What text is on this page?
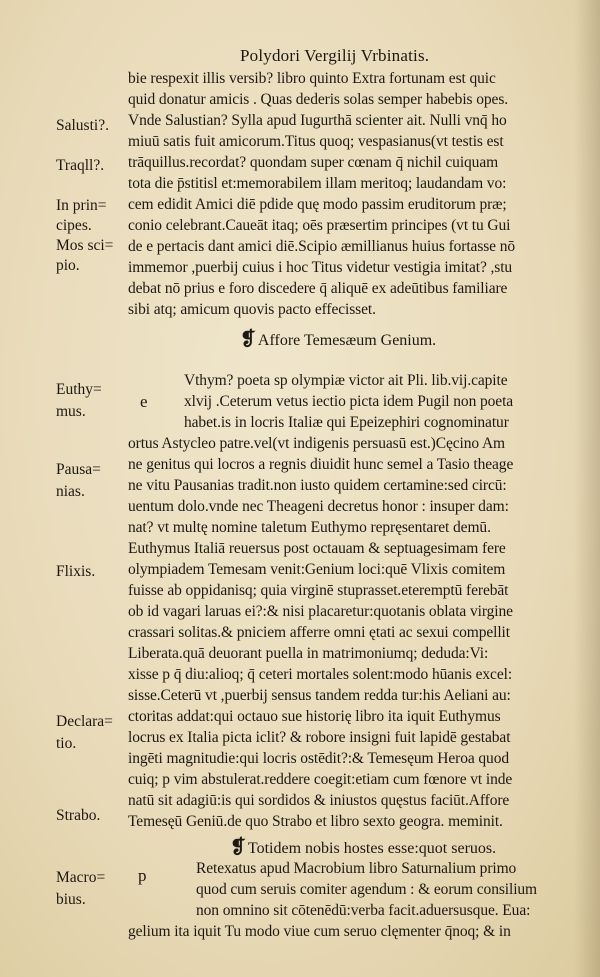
Polydori Vergilij Vrbinatis.
Salusti?.
Traqll?.
In prin=
cipes.
Mos sci=
pio.
Euthy=
mus.
Pausa=
nias.
Flixis.
Declara=
tio.
Strabo.
Macro=
bius.
bie respexit illis versib? libro quinto Extra fortunam est quic
quid donatur amicis . Quas dederis solas semper habebis opes.
Vnde Salustian? Sylla apud Iugurthā scienter ait. Nulli vnq̄ ho
miuū satis fuit amicorum.Titus quoq; vespasianus(vt testis est
trāquillus.recordat? quondam super cœnam q̄ nichil cuiquam
tota die p̄stitisl et:memorabilem illam meritoq; laudandam vo:
cem edidit Amici diē pdide quę modo passim eruditorum præ;
conio celebrant.Caueāt itaq; oēs præsertim principes (vt tu Gui
de e pertacis dant amici diē.Scipio æmillianus huius fortasse nō
immemor ,puerbij cuius i hoc Titus videtur vestigia imitat? ,stu
debat nō prius e foro discedere q̄ aliquē ex adeūtibus familiare
sibi atq; amicum quovis pacto effecisset.
❡ Affore Temesæum Genium.
e
Vthym? poeta sp olympiæ victor ait Pli. lib.vij.capite
xlvij .Ceterum vetus iectio picta idem Pugil non poeta
habet.is in locris Italiæ qui Epeizephiri cognominatur
ortus Astycleo patre.vel(vt indigenis persuasū est.)Cęcino Am
ne genitus qui locros a regnis diuidit hunc semel a Tasio theage
ne vitu Pausanias tradit.non iusto quidem certamine:sed circū:
uentum dolo.vnde nec Theageni decretus honor : insuper dam:
nat? vt multę nomine taletum Euthymo repręsentaret demū.
Euthymus Italiā reuersus post octauam & septuagesimam fere
olympiadem Temesam venit:Genium loci:quē Vlixis comitem
fuisse ab oppidanisq; quia virginē stuprasset.eteremptū ferebāt
ob id vagari laruas ei?:& nisi placaretur:quotanis oblata virgine
crassari solitas.& pniciem afferre omni ętati ac sexui compellit
Liberata.quā deuorant puella in matrimoniumq; deduda:Vi:
xisse p q̄ diu:alioq; q̄ ceteri mortales solent:modo hūanis excel:
sisse.Ceterū vt ,puerbij sensus tandem redda tur:his Aeliani au:
ctoritas addat:qui octauo sue historię libro ita iquit Euthymus
locrus ex Italia picta iclit? & robore insigni fuit lapidē gestabat
ingēti magnitudie:qui locris ostēdit?:& Temesęum Heroa quod
cuiq; p vim abstulerat.reddere coegit:etiam cum fœnore vt inde
natū sit adagiū:is qui sordidos & iniustos quęstus faciūt.Affore
Temesęū Geniū.de quo Strabo et libro sexto geogra. meminit.
❡ Totidem nobis hostes esse:quot seruos.
p	Retexatus apud Macrobium libro Saturnalium primo
quod cum seruis comiter agendum : & eorum consilium
non omnino sit cōtenēdū:verba facit.aduersusque. Eua:
gelium ita iquit Tu modo viue cum seruo clęmenter q̄noq; & in
